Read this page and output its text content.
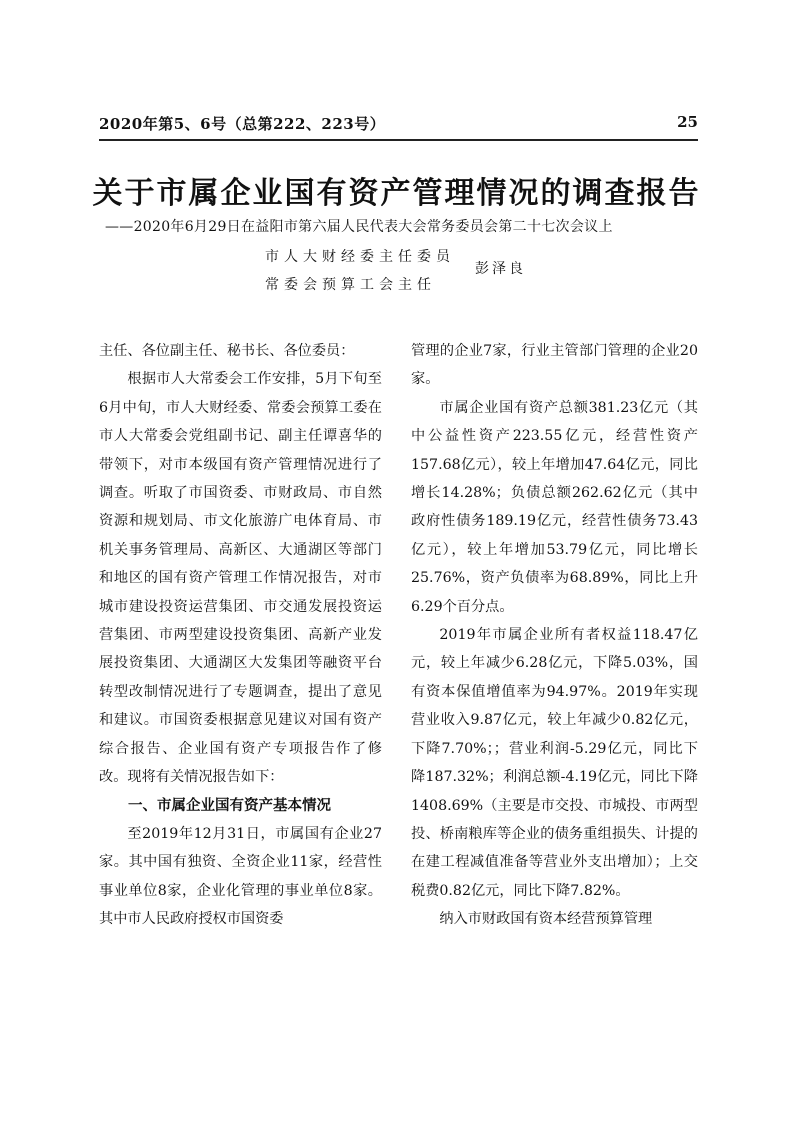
2020年第5、6号（总第222、223号）	25
关于市属企业国有资产管理情况的调查报告
——2020年6月29日在益阳市第六届人民代表大会常务委员会第二十七次会议上
市人大财经委主任委员
常委会预算工会主任
彭泽良

主任、各位副主任、秘书长、各位委员：

根据市人大常委会工作安排，5月下旬至6月中旬，市人大财经委、常委会预算工委在市人大常委会党组副书记、副主任谭喜华的带领下，对市本级国有资产管理情况进行了调查。听取了市国资委、市财政局、市自然资源和规划局、市文化旅游广电体育局、市机关事务管理局、高新区、大通湖区等部门和地区的国有资产管理工作情况报告，对市城市建设投资运营集团、市交通发展投资运营集团、市两型建设投资集团、高新产业发展投资集团、大通湖区大发集团等融资平台转型改制情况进行了专题调查，提出了意见和建议。市国资委根据意见建议对国有资产综合报告、企业国有资产专项报告作了修改。现将有关情况报告如下：

一、市属企业国有资产基本情况

至2019年12月31日，市属国有企业27家。其中国有独资、全资企业11家，经营性事业单位8家，企业化管理的事业单位8家。其中市人民政府授权市国资委

管理的企业7家，行业主管部门管理的企业20家。

市属企业国有资产总额381.23亿元（其中公益性资产223.55亿元，经营性资产157.68亿元），较上年增加47.64亿元，同比增长14.28%；负债总额262.62亿元（其中政府性债务189.19亿元，经营性债务73.43亿元），较上年增加53.79亿元，同比增长25.76%，资产负债率为68.89%，同比上升6.29个百分点。

2019年市属企业所有者权益118.47亿元，较上年减少6.28亿元，下降5.03%，国有资本保值增值率为94.97%。2019年实现营业收入9.87亿元，较上年减少0.82亿元，下降7.70%；；营业利润-5.29亿元，同比下降187.32%；利润总额-4.19亿元，同比下降1408.69%（主要是市交投、市城投、市两型投、桥南粮库等企业的债务重组损失、计提的在建工程减值准备等营业外支出增加）；上交税费0.82亿元，同比下降7.82%。

纳入市财政国有资本经营预算管理
